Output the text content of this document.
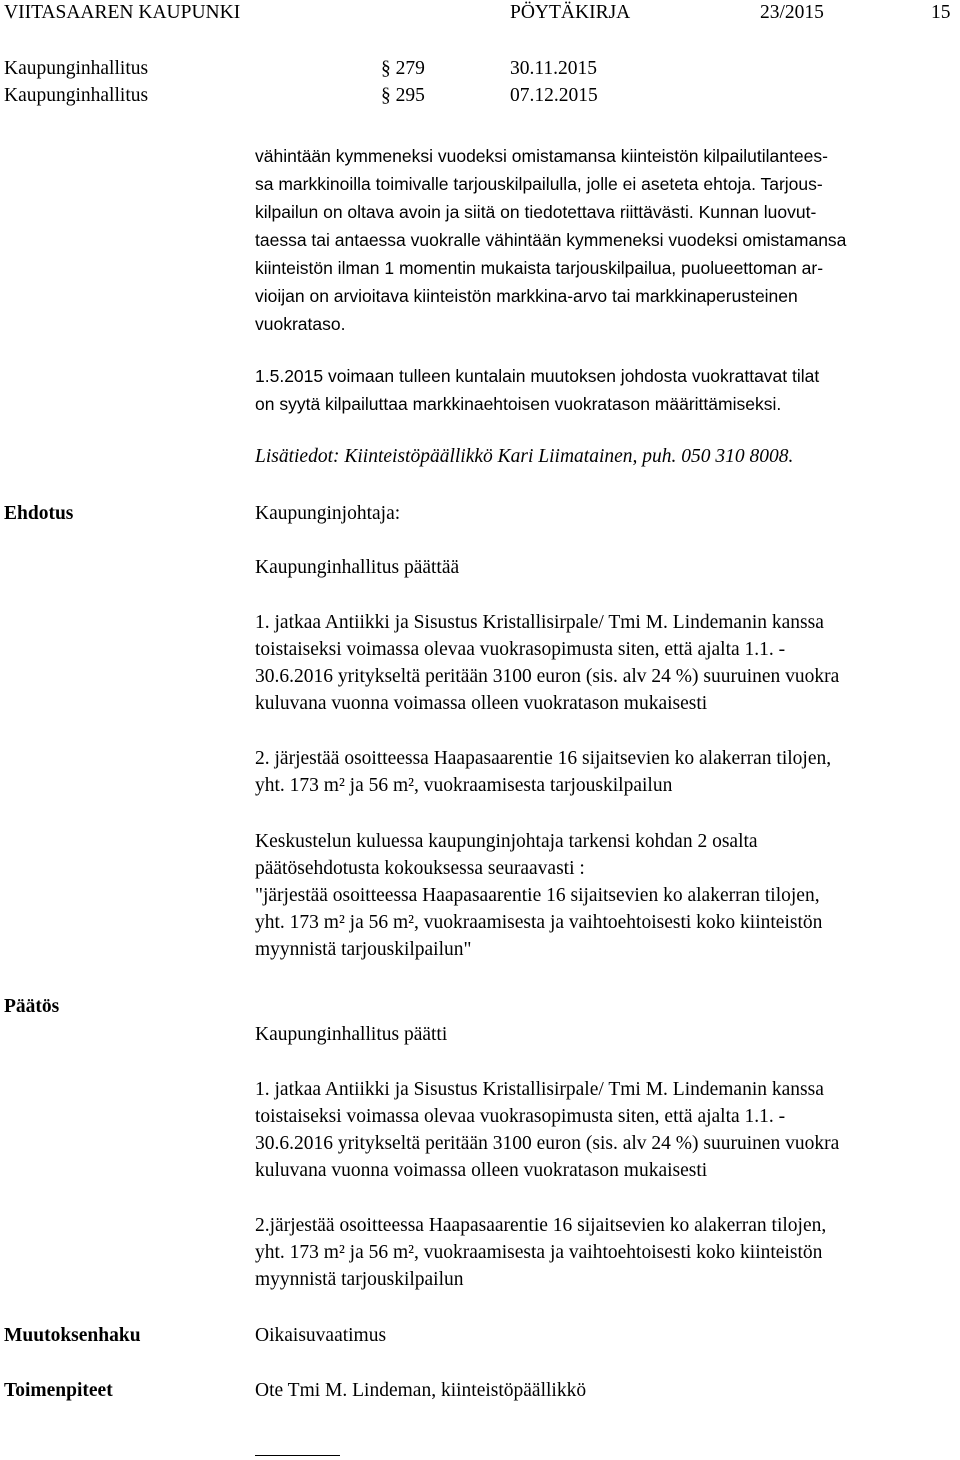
VIITASAAREN KAUPUNKI	PÖYTÄKIRJA	23/2015	15
Kaupunginhallitus	§ 279	30.11.2015
Kaupunginhallitus	§ 295	07.12.2015
vähintään kymmeneksi vuodeksi omistamansa kiinteistön kilpailutilantees-
sa markkinoilla toimivalle tarjouskilpailulla, jolle ei aseteta ehtoja. Tarjous-
kilpailun on oltava avoin ja siitä on tiedotettava riittävästi. Kunnan luovut-
taessa tai antaessa vuokralle vähintään kymmeneksi vuodeksi omistamansa
kiinteistön ilman 1 momentin mukaista tarjouskilpailua, puolueettoman ar-
vioijan on arvioitava kiinteistön markkina-arvo tai markkinaperusteinen
vuokrataso.
1.5.2015 voimaan tulleen kuntalain muutoksen johdosta vuokrattavat tilat
on syytä kilpailuttaa markkinaehtoisen vuokratason määrittämiseksi.
Lisätiedot: Kiinteistöpäällikkö Kari Liimatainen, puh. 050 310 8008.
Ehdotus	Kaupunginjohtaja:
Kaupunginhallitus päättää
1. jatkaa Antiikki ja Sisustus Kristallisirpale/ Tmi M. Lindemanin kanssa
toistaiseksi voimassa olevaa vuokrasopimusta siten, että ajalta 1.1. -
30.6.2016 yritykseltä peritään 3100 euron (sis. alv 24 %) suuruinen vuokra
kuluvana vuonna voimassa olleen vuokratason mukaisesti
2. järjestää osoitteessa Haapasaarentie 16 sijaitsevien ko alakerran tilojen,
yht. 173 m² ja 56 m², vuokraamisesta tarjouskilpailun
Keskustelun kuluessa kaupunginjohtaja tarkensi kohdan 2 osalta
päätösehdotusta kokouksessa seuraavasti :
"järjestää osoitteessa Haapasaarentie 16 sijaitsevien ko alakerran tilojen,
yht. 173 m² ja 56 m², vuokraamisesta ja vaihtoehtoisesti koko kiinteistön
myynnistä tarjouskilpailun"
Päätös
Kaupunginhallitus päätti
1. jatkaa Antiikki ja Sisustus Kristallisirpale/ Tmi M. Lindemanin kanssa
toistaiseksi voimassa olevaa vuokrasopimusta siten, että ajalta 1.1. -
30.6.2016 yritykseltä peritään 3100 euron (sis. alv 24 %) suuruinen vuokra
kuluvana vuonna voimassa olleen vuokratason mukaisesti
2.järjestää osoitteessa Haapasaarentie 16 sijaitsevien ko alakerran tilojen,
yht. 173 m² ja 56 m², vuokraamisesta ja vaihtoehtoisesti koko kiinteistön
myynnistä tarjouskilpailun
Muutoksenhaku	Oikaisuvaatimus
Toimenpiteet	Ote Tmi M. Lindeman, kiinteistöpäällikkö
